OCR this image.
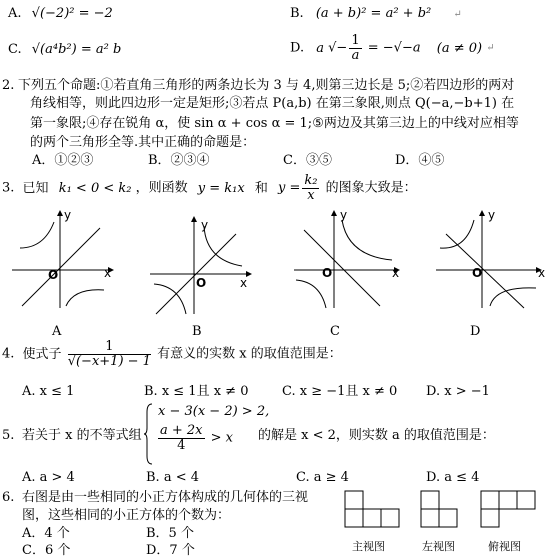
A. √(−2)² = −2	B. (a + b)² = a² + b² ↵
C. √(a⁴b²) = a² b	D. a √− $\frac{1}{a} = -√-a$ (a ≠ 0) ↵
2. 下列五个命题:①若直角三角形的两条边长为 3 与 4,则第三边长是 5;②若四边形的两对
角线相等，则此四边形一定是矩形;③若点 P(a,b) 在第三象限,则点 Q(−a,−b+1) 在
第一象限;④存在锐角 α，使 sin α + cos α = 1;⑤两边及其第三边上的中线对应相等
的两个三角形全等.其中正确的命题是：
A．①②③	B．②③④	C．③⑤	D．④⑤
3. 已知 k₁ < 0 < k₂ ，则函数 y = k₁x 和 $y = \frac{\text{k₂}}{x}$ 的图象大致是：
y
x
O
y
x
O
y
x
O
y
x
O
A	B	C	D
4. 使式子 $\frac{1}{√(-x+1) - 1}$ 有意义的实数 x 的取值范围是：
A. x ≤ 1	B. x ≤ 1且 x ≠ 0	C. x ≥ −1且 x ≠ 0 D. x > −1
5. 若关于 x 的不等式组
x − 3(x − 2) > 2,
$\frac{a + 2x}{4} > x$ 的解是 x < 2，则实数 a 的取值范围是：
A. a > 4	B. a < 4	C. a ≥ 4	D. a ≤ 4
6. 右图是由一些相同的小正方体构成的几何体的三视
图，这些相同的小正方体的个数为：
A．4 个	B．5 个
C．6 个	D．7 个	主视图	左视图	俯视图
